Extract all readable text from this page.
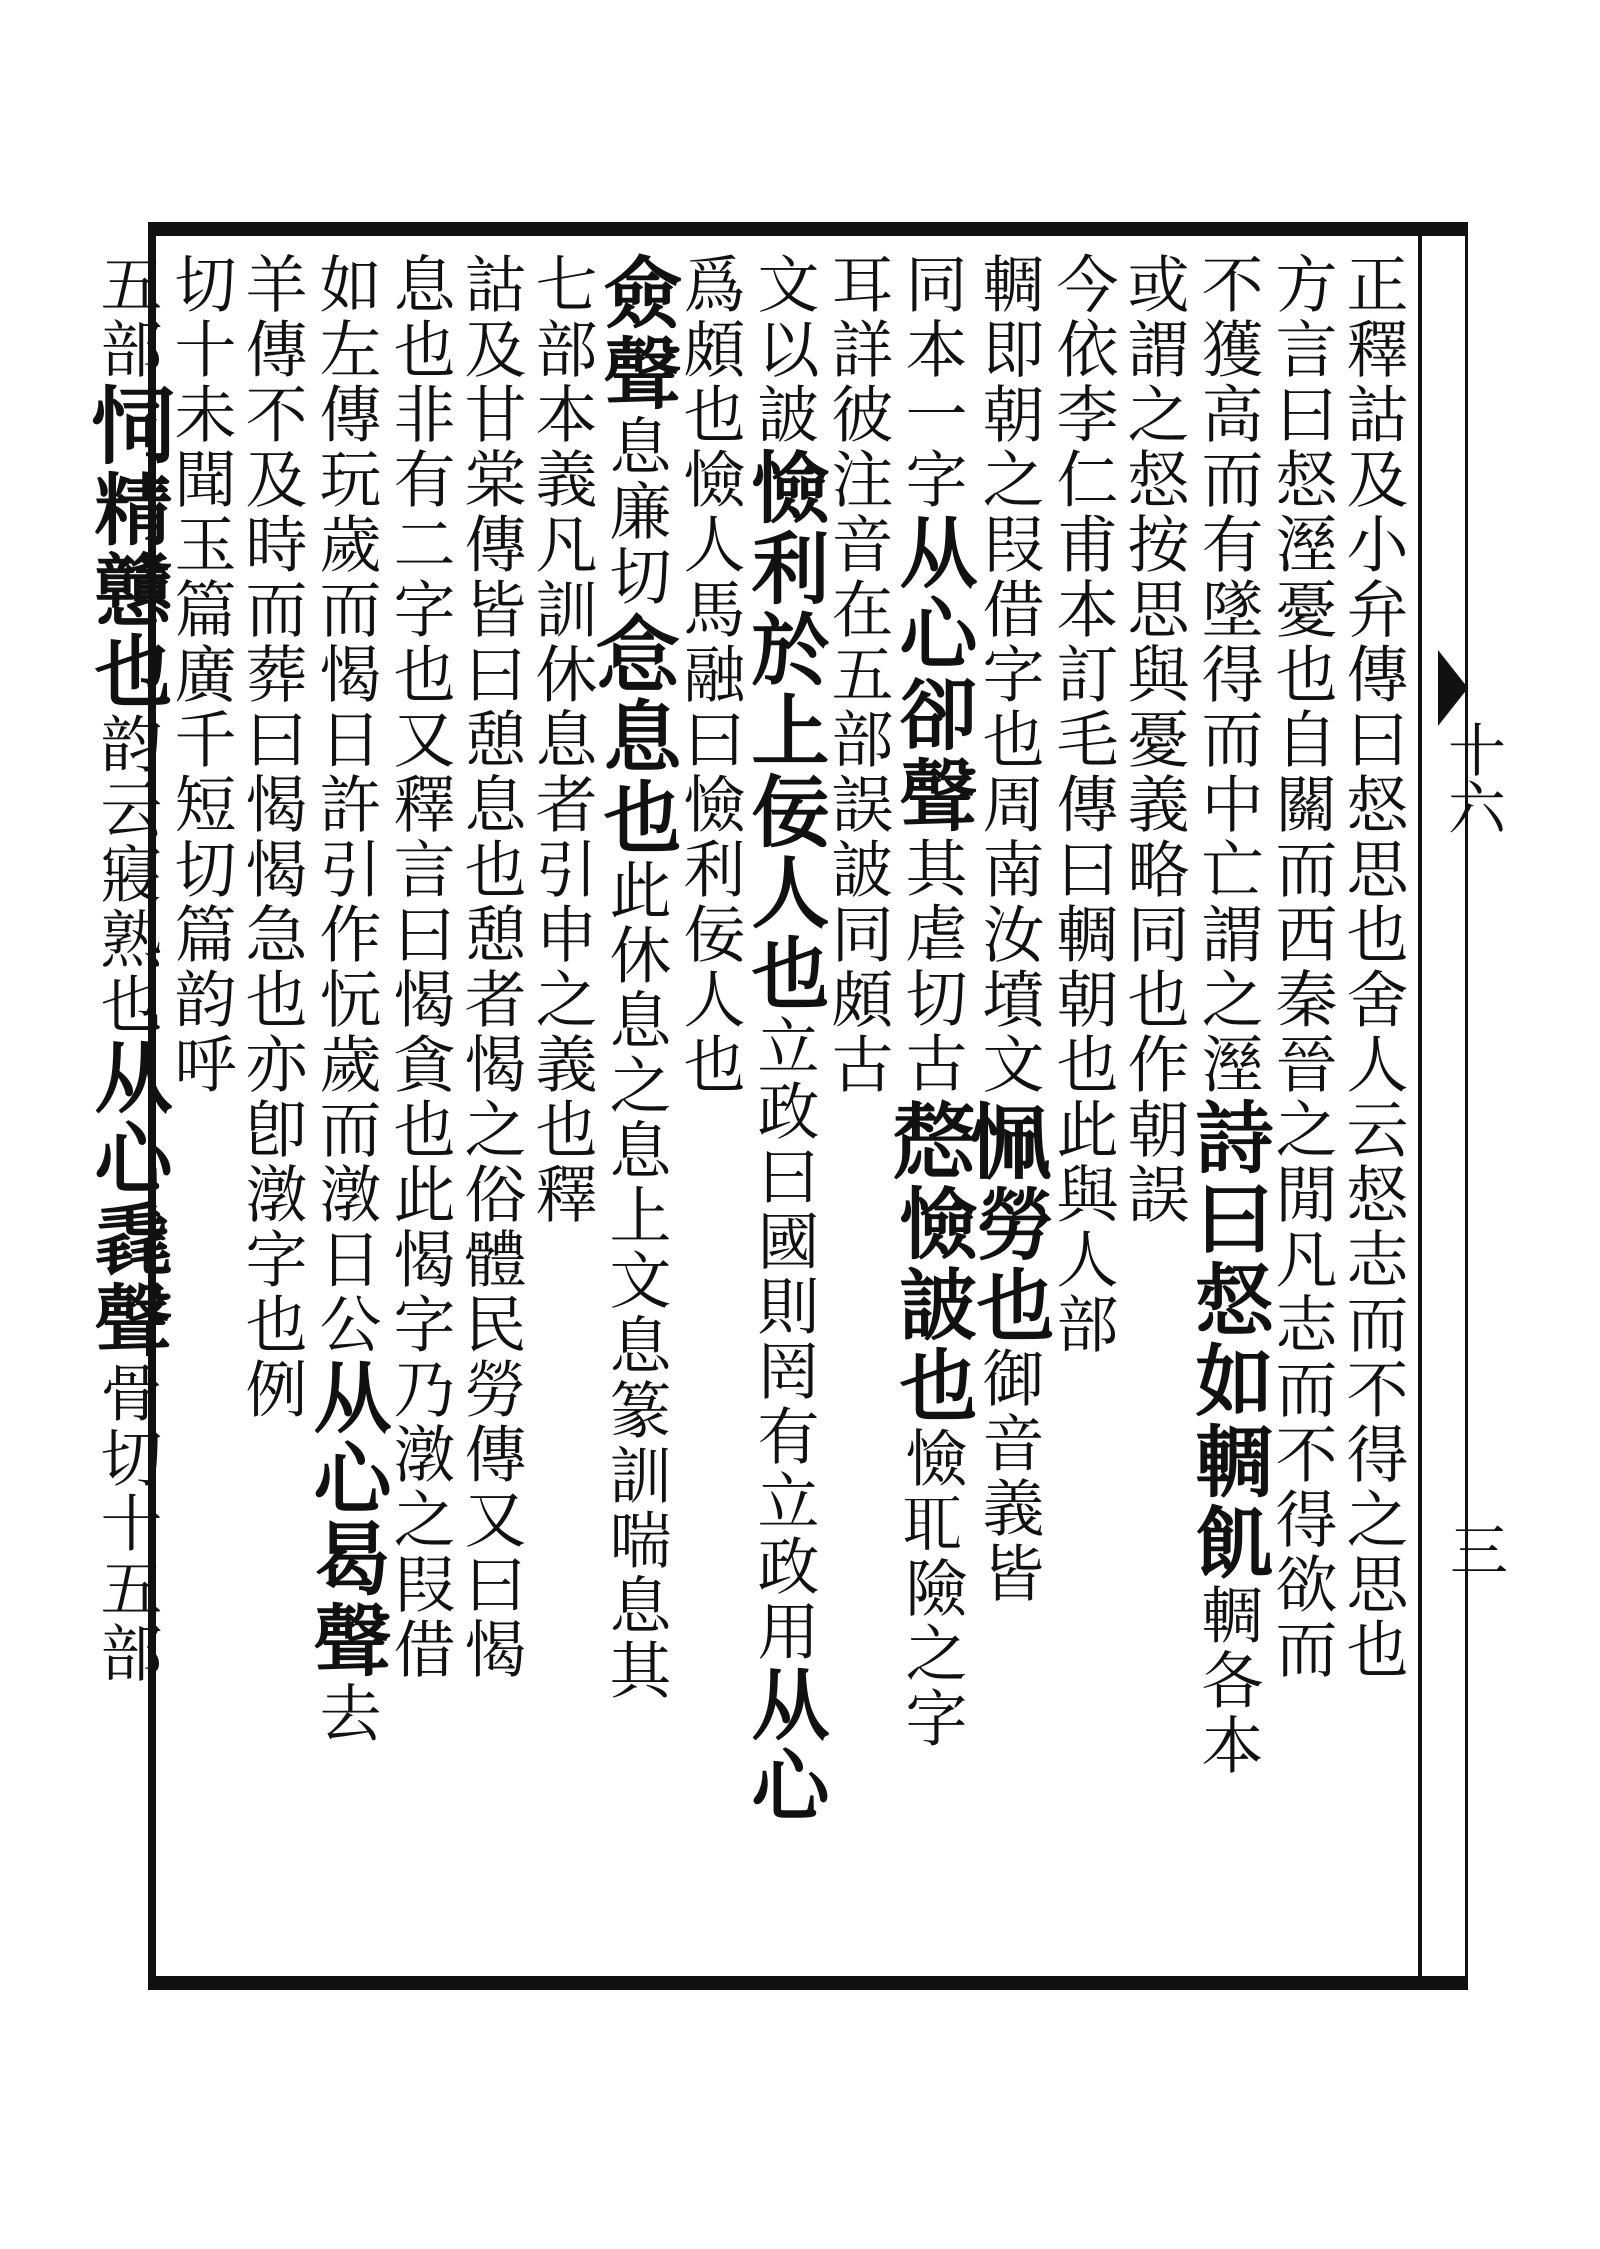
十六
三
正釋詁及小弁傳曰惄思也舍人云惄志而不得之思也
方言曰惄溼憂也自關而西秦晉之閒凡志而不得欲而
不獲高而有墜得而中亡謂之溼
詩曰惄如輖飢
輖各本
或謂之惄按思與憂義略同也
作朝誤
今依李仁甫本訂毛傳曰輖朝也
此與人部
輖即朝之叚借字也周南汝墳文
𢙜
勞也
御音義皆
同本一字
从心卻聲
其虐切古
𢟤
憸詖也
憸𦔮險之字
耳詳彼注
音在五部
誤詖同頗古
文以詖
憸利於上佞人也
立政曰國則罔有立政用
从心
爲頗也
憸人馬融曰憸利佞人也
僉聲
息廉切
𢙅
息也
此休息之息上文息篆訓喘息其
七部
本義凡訓休息者引申之義也釋
詁及甘棠傳皆曰憩息也憩者愒之俗體民勞傳又曰愒
息也非有二字也又釋言曰愒貪也此愒字乃潡之叚借
如左傳玩歲而愒日許引作忨歲而潡日公
从心曷聲
去
羊傳不及時而葬曰愒愒急也亦卽潡字也
例
切十
未聞玉篇廣
千短切篇韵
呼
五部
𢘜
精戇也
韵云寢熟也
从心毳聲
骨切十五部
